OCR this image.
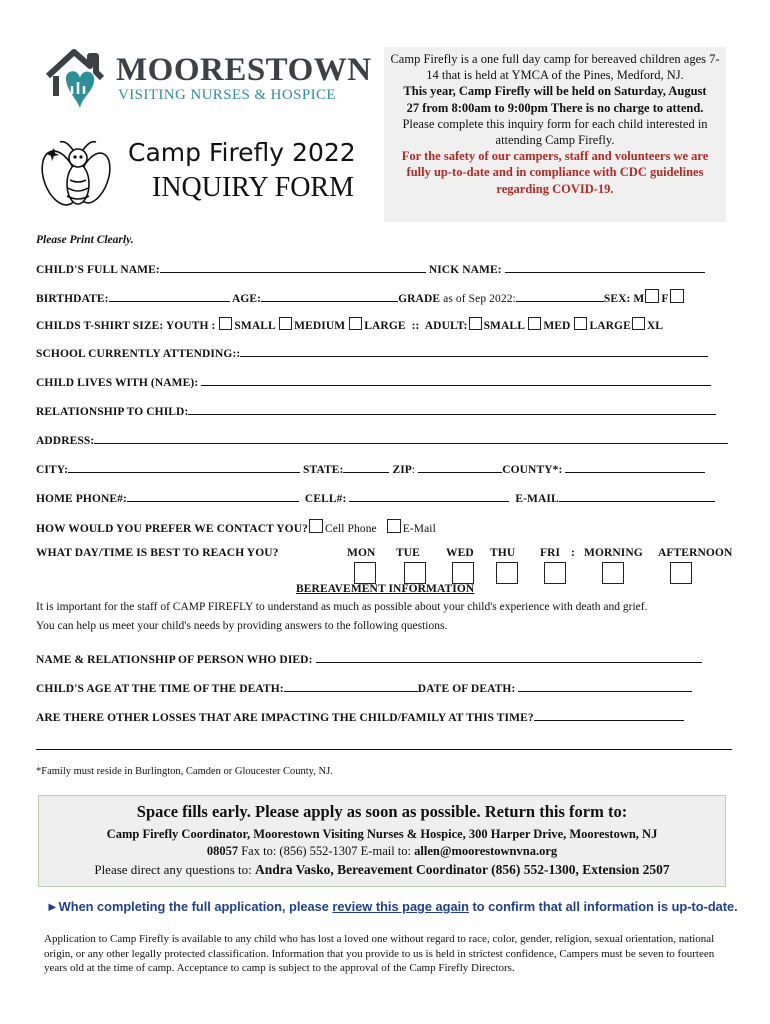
MOORESTOWN
VISITING NURSES & HOSPICE
Camp Firefly 2022
INQUIRY FORM
Camp Firefly is a one full day camp for bereaved children ages 7-14 that is held at YMCA of the Pines, Medford, NJ.
This year, Camp Firefly will be held on Saturday, August 27 from 8:00am to 9:00pm There is no charge to attend.
Please complete this inquiry form for each child interested in attending Camp Firefly.
For the safety of our campers, staff and volunteers we are fully up-to-date and in compliance with CDC guidelines regarding COVID-19.
Please Print Clearly.
CHILD'S FULL NAME:	NICK NAME:
BIRTHDATE:	AGE:	GRADE as of Sep 2022:	SEX: M F
CHILDS T-SHIRT SIZE: YOUTH : SMALL MEDIUM LARGE :: ADULT: SMALL MED LARGE XL
SCHOOL CURRENTLY ATTENDING::
CHILD LIVES WITH (NAME):
RELATIONSHIP TO CHILD:
ADDRESS:
CITY:	STATE:	ZIP:	COUNTY*:
HOME PHONE#:	CELL#:	E-MAIL
HOW WOULD YOU PREFER WE CONTACT YOU? Cell Phone E-Mail
WHAT DAY/TIME IS BEST TO REACH YOU?	MON TUE WED THU FRI : MORNING AFTERNOON
BEREAVEMENT INFORMATION
It is important for the staff of CAMP FIREFLY to understand as much as possible about your child's experience with death and grief.
You can help us meet your child's needs by providing answers to the following questions.
NAME & RELATIONSHIP OF PERSON WHO DIED:
CHILD'S AGE AT THE TIME OF THE DEATH:	DATE OF DEATH:
ARE THERE OTHER LOSSES THAT ARE IMPACTING THE CHILD/FAMILY AT THIS TIME?
*Family must reside in Burlington, Camden or Gloucester County, NJ.
Space fills early. Please apply as soon as possible. Return this form to:
Camp Firefly Coordinator, Moorestown Visiting Nurses & Hospice, 300 Harper Drive, Moorestown, NJ
08057 Fax to: (856) 552-1307 E-mail to: allen@moorestownvna.org
Please direct any questions to: Andra Vasko, Bereavement Coordinator (856) 552-1300, Extension 2507
►When completing the full application, please review this page again to confirm that all information is up-to-date.
Application to Camp Firefly is available to any child who has lost a loved one without regard to race, color, gender, religion, sexual orientation, national origin, or any other legally protected classification. Information that you provide to us is held in strictest confidence, Campers must be seven to fourteen years old at the time of camp. Acceptance to camp is subject to the approval of the Camp Firefly Directors.
